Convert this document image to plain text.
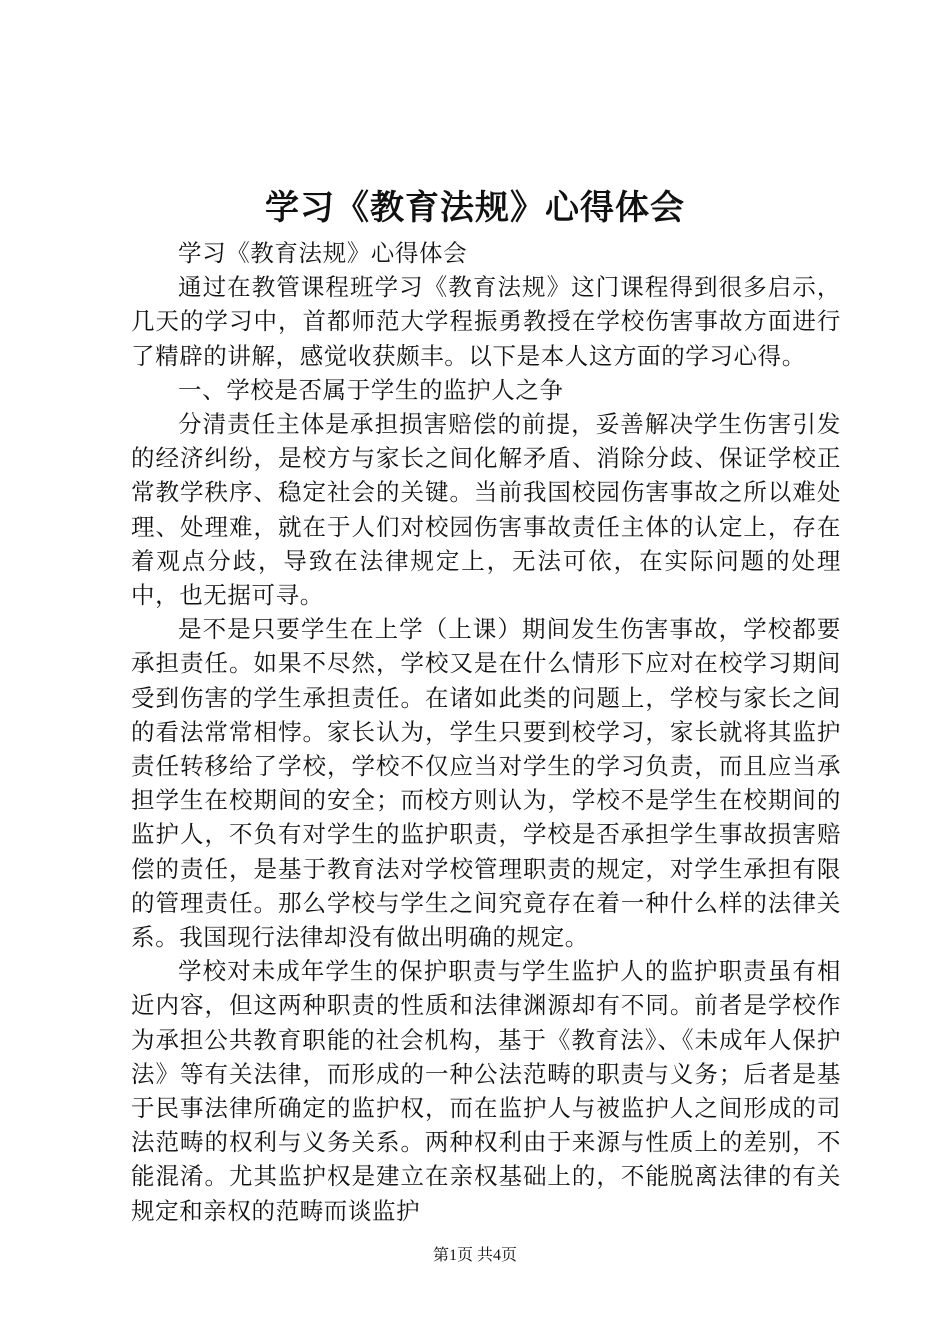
学习《教育法规》心得体会

学习《教育法规》心得体会

通过在教管课程班学习《教育法规》这门课程得到很多启示，几天的学习中，首都师范大学程振勇教授在学校伤害事故方面进行了精辟的讲解，感觉收获颇丰。以下是本人这方面的学习心得。

一、学校是否属于学生的监护人之争

分清责任主体是承担损害赔偿的前提，妥善解决学生伤害引发的经济纠纷，是校方与家长之间化解矛盾、消除分歧、保证学校正常教学秩序、稳定社会的关键。当前我国校园伤害事故之所以难处理、处理难，就在于人们对校园伤害事故责任主体的认定上，存在着观点分歧，导致在法律规定上，无法可依，在实际问题的处理中，也无据可寻。

是不是只要学生在上学（上课）期间发生伤害事故，学校都要承担责任。如果不尽然，学校又是在什么情形下应对在校学习期间受到伤害的学生承担责任。在诸如此类的问题上，学校与家长之间的看法常常相悖。家长认为，学生只要到校学习，家长就将其监护责任转移给了学校，学校不仅应当对学生的学习负责，而且应当承担学生在校期间的安全；而校方则认为，学校不是学生在校期间的监护人，不负有对学生的监护职责，学校是否承担学生事故损害赔偿的责任，是基于教育法对学校管理职责的规定，对学生承担有限的管理责任。那么学校与学生之间究竟存在着一种什么样的法律关系。我国现行法律却没有做出明确的规定。

学校对未成年学生的保护职责与学生监护人的监护职责虽有相近内容，但这两种职责的性质和法律渊源却有不同。前者是学校作为承担公共教育职能的社会机构，基于《教育法》、《未成年人保护法》等有关法律，而形成的一种公法范畴的职责与义务；后者是基于民事法律所确定的监护权，而在监护人与被监护人之间形成的司法范畴的权利与义务关系。两种权利由于来源与性质上的差别，不能混淆。尤其监护权是建立在亲权基础上的，不能脱离法律的有关规定和亲权的范畴而谈监护

第1页 共4页
